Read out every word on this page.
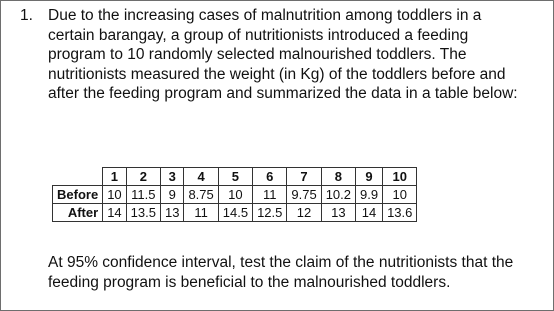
1. Due to the increasing cases of malnutrition among toddlers in a certain barangay, a group of nutritionists introduced a feeding program to 10 randomly selected malnourished toddlers. The nutritionists measured the weight (in Kg) of the toddlers before and after the feeding program and summarized the data in a table below:
	1	2	3	4	5	6	7	8	9	10
Before	10	11.5	9	8.75	10	11	9.75	10.2	9.9	10
After	14	13.5	13	11	14.5	12.5	12	13	14	13.6
At 95% confidence interval, test the claim of the nutritionists that the feeding program is beneficial to the malnourished toddlers.
